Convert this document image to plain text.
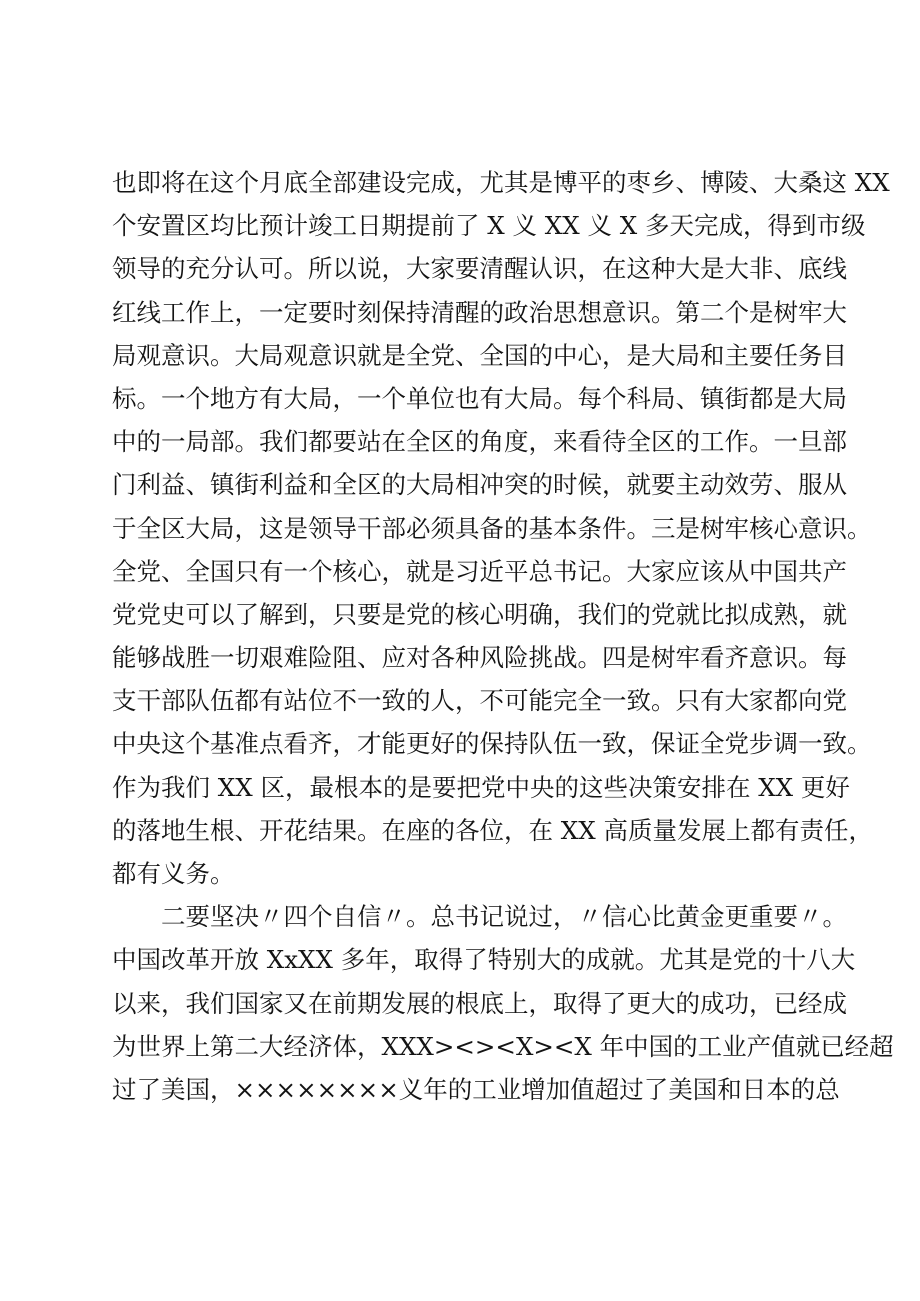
也即将在这个月底全部建设完成，尤其是博平的枣乡、博陵、大桑这 XX
个安置区均比预计竣工日期提前了 X 义 XX 义 X 多天完成，得到市级
领导的充分认可。所以说，大家要清醒认识，在这种大是大非、底线
红线工作上，一定要时刻保持清醒的政治思想意识。第二个是树牢大
局观意识。大局观意识就是全党、全国的中心，是大局和主要任务目
标。一个地方有大局，一个单位也有大局。每个科局、镇街都是大局
中的一局部。我们都要站在全区的角度，来看待全区的工作。一旦部
门利益、镇街利益和全区的大局相冲突的时候，就要主动效劳、服从
于全区大局，这是领导干部必须具备的基本条件。三是树牢核心意识。
全党、全国只有一个核心，就是习近平总书记。大家应该从中国共产
党党史可以了解到，只要是党的核心明确，我们的党就比拟成熟，就
能够战胜一切艰难险阻、应对各种风险挑战。四是树牢看齐意识。每
支干部队伍都有站位不一致的人，不可能完全一致。只有大家都向党
中央这个基准点看齐，才能更好的保持队伍一致，保证全党步调一致。
作为我们 XX 区，最根本的是要把党中央的这些决策安排在 XX 更好
的落地生根、开花结果。在座的各位，在 XX 高质量发展上都有责任，
都有义务。
二要坚决〃四个自信〃。总书记说过，〃信心比黄金更重要〃。
中国改革开放 XxXX 多年，取得了特别大的成就。尤其是党的十八大
以来，我们国家又在前期发展的根底上，取得了更大的成功，已经成
为世界上第二大经济体，XXX><><X><X 年中国的工业产值就已经超
过了美国，××××××××义年的工业增加值超过了美国和日本的总
